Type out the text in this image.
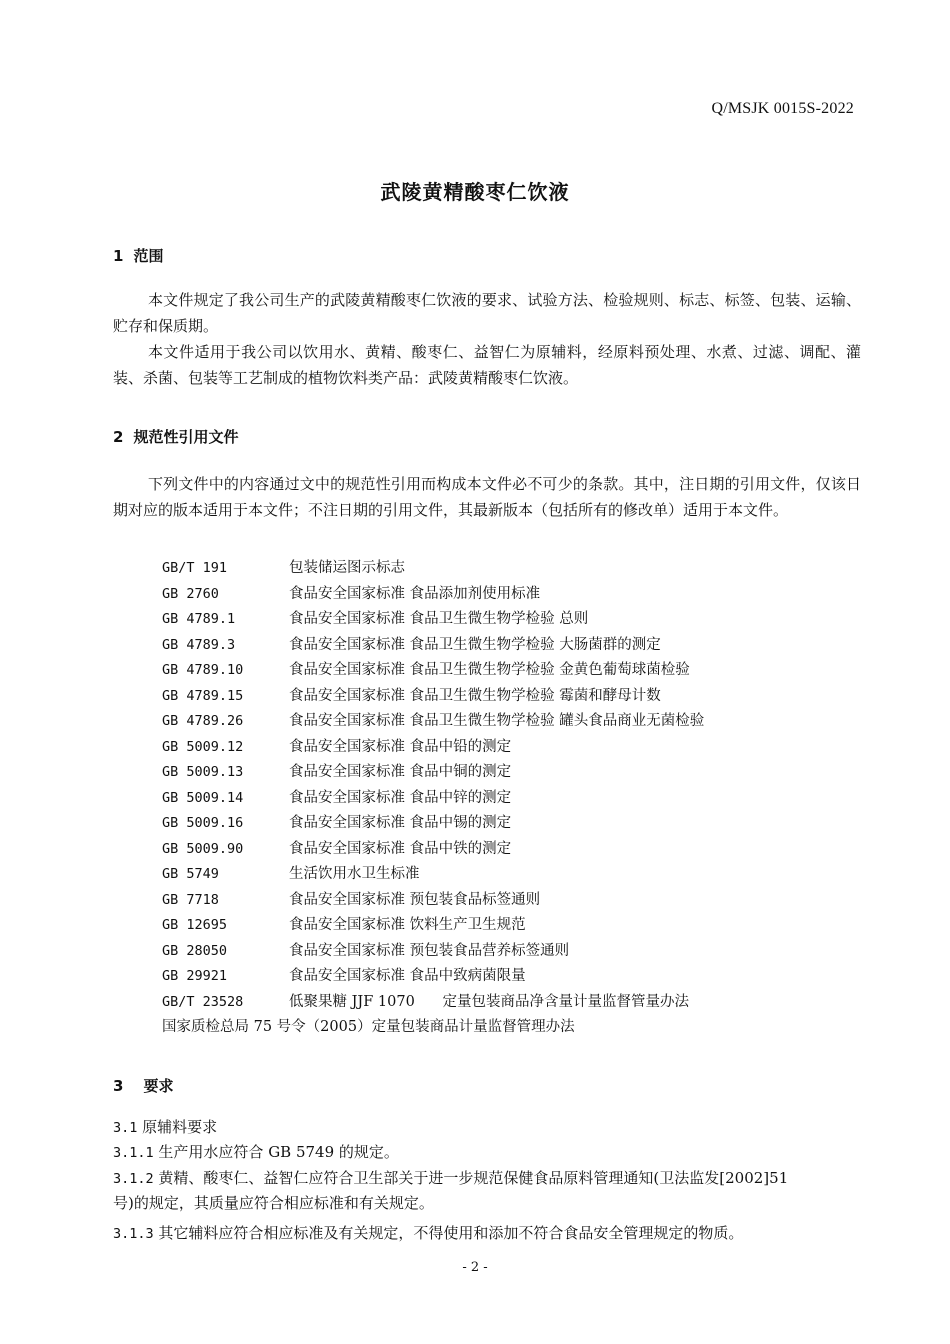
Q/MSJK 0015S-2022
武陵黄精酸枣仁饮液
1 范围
本文件规定了我公司生产的武陵黄精酸枣仁饮液的要求、试验方法、检验规则、标志、标签、包装、运输、贮存和保质期。
本文件适用于我公司以饮用水、黄精、酸枣仁、益智仁为原辅料，经原料预处理、水煮、过滤、调配、灌装、杀菌、包装等工艺制成的植物饮料类产品：武陵黄精酸枣仁饮液。
2 规范性引用文件
下列文件中的内容通过文中的规范性引用而构成本文件必不可少的条款。其中，注日期的引用文件，仅该日期对应的版本适用于本文件；不注日期的引用文件，其最新版本（包括所有的修改单）适用于本文件。
GB/T 191	包装储运图示标志
GB 2760	食品安全国家标准 食品添加剂使用标准
GB 4789.1	食品安全国家标准 食品卫生微生物学检验 总则
GB 4789.3	食品安全国家标准 食品卫生微生物学检验 大肠菌群的测定
GB 4789.10	食品安全国家标准 食品卫生微生物学检验 金黄色葡萄球菌检验
GB 4789.15	食品安全国家标准 食品卫生微生物学检验 霉菌和酵母计数
GB 4789.26	食品安全国家标准 食品卫生微生物学检验 罐头食品商业无菌检验
GB 5009.12	食品安全国家标准 食品中铅的测定
GB 5009.13	食品安全国家标准 食品中铜的测定
GB 5009.14	食品安全国家标准 食品中锌的测定
GB 5009.16	食品安全国家标准 食品中锡的测定
GB 5009.90	食品安全国家标准 食品中铁的测定
GB 5749	生活饮用水卫生标准
GB 7718	食品安全国家标准 预包装食品标签通则
GB 12695	食品安全国家标准 饮料生产卫生规范
GB 28050	食品安全国家标准 预包装食品营养标签通则
GB 29921	食品安全国家标准 食品中致病菌限量
GB/T 23528	低聚果糖 JJF 1070      定量包装商品净含量计量监督管量办法
国家质检总局 75 号令（2005）定量包装商品计量监督管理办法
3 要求
3.1 原辅料要求
3.1.1 生产用水应符合 GB 5749 的规定。
3.1.2 黄精、酸枣仁、益智仁应符合卫生部关于进一步规范保健食品原料管理通知(卫法监发[2002]51
号)的规定，其质量应符合相应标准和有关规定。
3.1.3 其它辅料应符合相应标准及有关规定，不得使用和添加不符合食品安全管理规定的物质。
- 2 -
